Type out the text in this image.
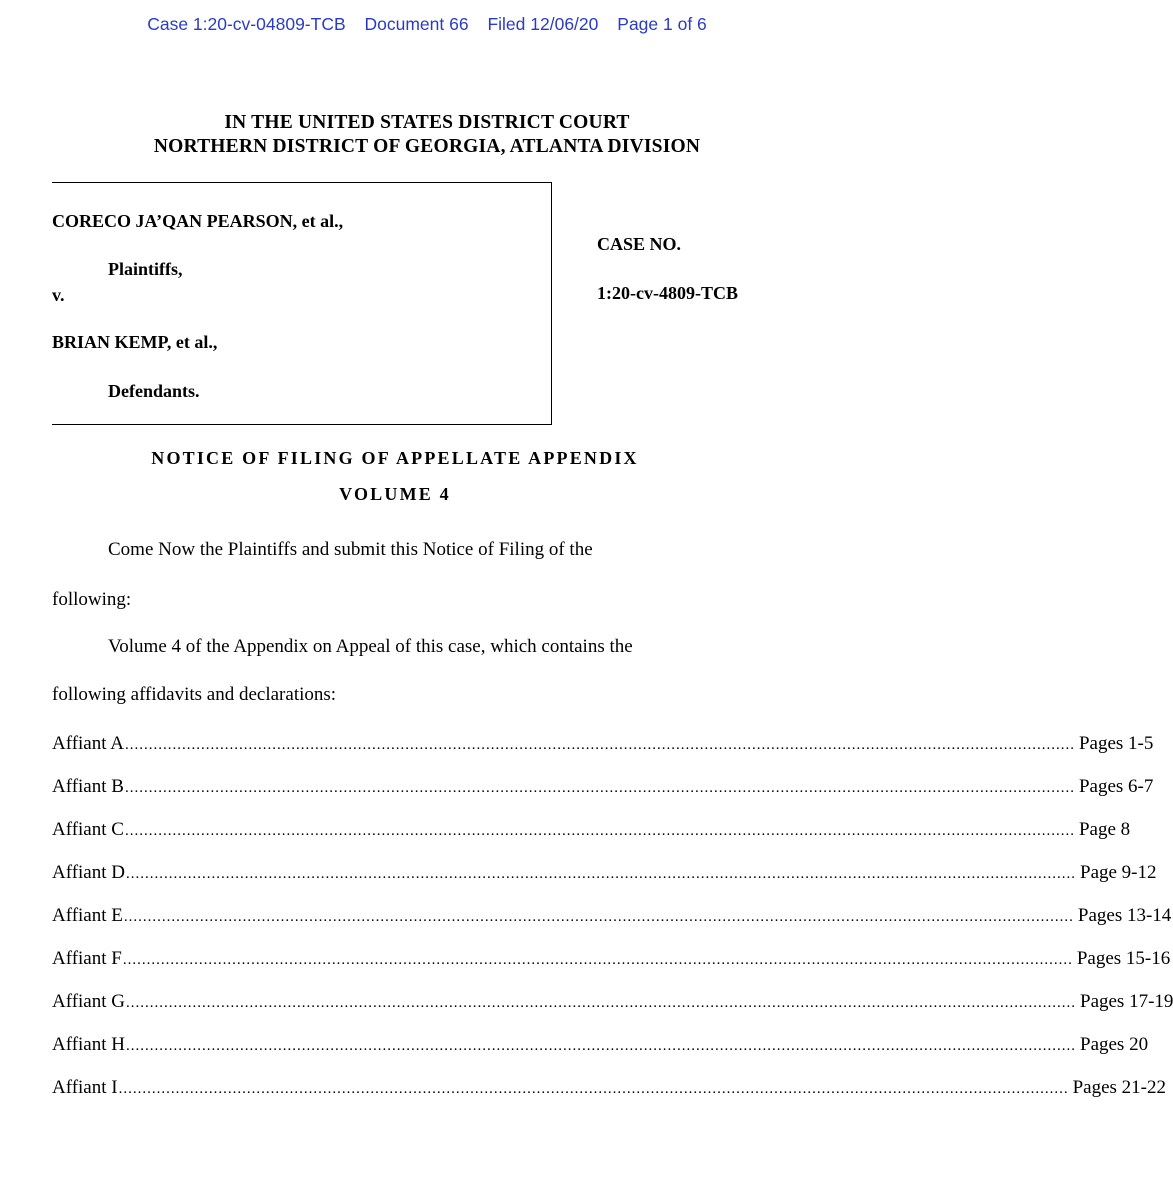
Case 1:20-cv-04809-TCB Document 66 Filed 12/06/20 Page 1 of 6
IN THE UNITED STATES DISTRICT COURT
NORTHERN DISTRICT OF GEORGIA, ATLANTA DIVISION
CORECO JA’QAN PEARSON, et al.,
Plaintiffs,
v.
BRIAN KEMP, et al.,
Defendants.
CASE NO.
1:20-cv-4809-TCB
NOTICE OF FILING OF APPELLATE APPENDIX
VOLUME 4
Come Now the Plaintiffs and submit this Notice of Filing of the
following:
Volume 4 of the Appendix on Appeal of this case, which contains the
following affidavits and declarations:
Affiant A ........................................................................................................................................................................................................ Pages 1-5
Affiant B ........................................................................................................................................................................................................ Pages 6-7
Affiant C ........................................................................................................................................................................................................ Page 8
Affiant D ........................................................................................................................................................................................................ Page 9-12
Affiant E ........................................................................................................................................................................................................ Pages 13-14
Affiant F ........................................................................................................................................................................................................ Pages 15-16
Affiant G ........................................................................................................................................................................................................ Pages 17-19
Affiant H ........................................................................................................................................................................................................ Pages 20
Affiant I ........................................................................................................................................................................................................ Pages 21-22
